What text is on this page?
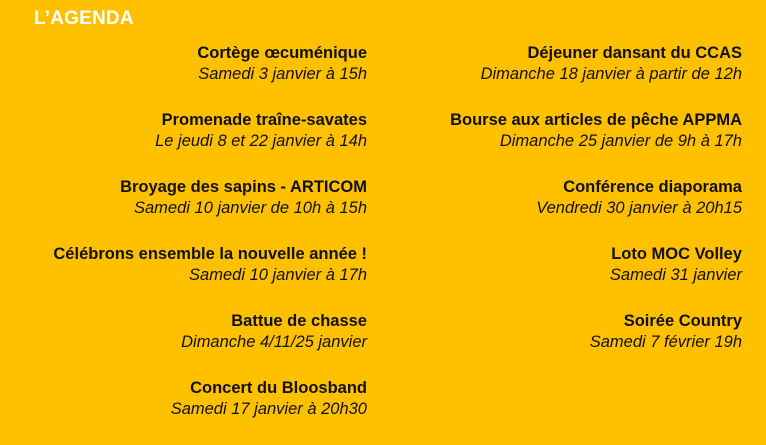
L’AGENDA
Cortège œcuménique
Samedi 3 janvier à 15h
Promenade traîne-savates
Le jeudi 8 et 22 janvier à 14h
Broyage des sapins - ARTICOM
Samedi 10 janvier de 10h à 15h
Célébrons ensemble la nouvelle année !
Samedi 10 janvier à 17h
Battue de chasse
Dimanche 4/11/25 janvier
Concert du Bloosband
Samedi 17 janvier à 20h30
Déjeuner dansant du CCAS
Dimanche 18 janvier à partir de 12h
Bourse aux articles de pêche APPMA
Dimanche 25 janvier de 9h à 17h
Conférence diaporama
Vendredi 30 janvier à 20h15
Loto MOC Volley
Samedi 31 janvier
Soirée Country
Samedi 7 février 19h
